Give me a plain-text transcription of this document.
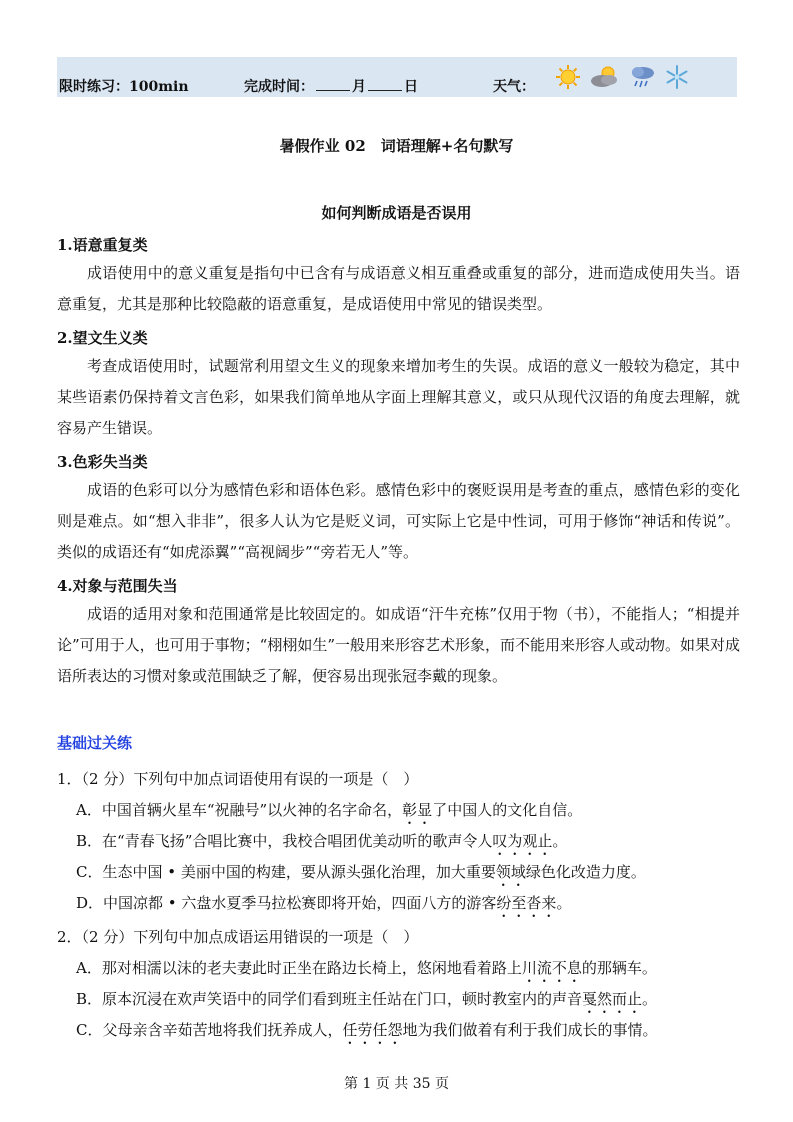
限时练习：100min	完成时间：	月	日	天气：
暑假作业 02　词语理解+名句默写
如何判断成语是否误用
1.语意重复类

成语使用中的意义重复是指句中已含有与成语意义相互重叠或重复的部分，进而造成使用失当。语意重复，尤其是那种比较隐蔽的语意重复，是成语使用中常见的错误类型。

2.望文生义类

考查成语使用时，试题常利用望文生义的现象来增加考生的失误。成语的意义一般较为稳定，其中某些语素仍保持着文言色彩，如果我们简单地从字面上理解其意义，或只从现代汉语的角度去理解，就容易产生错误。

3.色彩失当类

成语的色彩可以分为感情色彩和语体色彩。感情色彩中的褒贬误用是考查的重点，感情色彩的变化则是难点。如“想入非非”，很多人认为它是贬义词，可实际上它是中性词，可用于修饰“神话和传说”。类似的成语还有“如虎添翼”“高视阔步”“旁若无人”等。

4.对象与范围失当

成语的适用对象和范围通常是比较固定的。如成语“汗牛充栋”仅用于物（书），不能指人；“相提并论”可用于人，也可用于事物；“栩栩如生”一般用来形容艺术形象，而不能用来形容人或动物。如果对成语所表达的习惯对象或范围缺乏了解，便容易出现张冠李戴的现象。

基础过关练
1．（2 分）下列句中加点词语使用有误的一项是（　）
A．中国首辆火星车“祝融号”以火神的名字命名，彰显了中国人的文化自信。
B．在“青春飞扬”合唱比赛中，我校合唱团优美动听的歌声令人叹为观止。
C．生态中国 • 美丽中国的构建，要从源头强化治理，加大重要领域绿色化改造力度。
D．中国凉都 • 六盘水夏季马拉松赛即将开始，四面八方的游客纷至沓来。
2．（2 分）下列句中加点成语运用错误的一项是（　）
A．那对相濡以沫的老夫妻此时正坐在路边长椅上，悠闲地看着路上川流不息的那辆车。
B．原本沉浸在欢声笑语中的同学们看到班主任站在门口，顿时教室内的声音戛然而止。
C．父母亲含辛茹苦地将我们抚养成人，任劳任怨地为我们做着有利于我们成长的事情。
第 1 页 共 35 页
